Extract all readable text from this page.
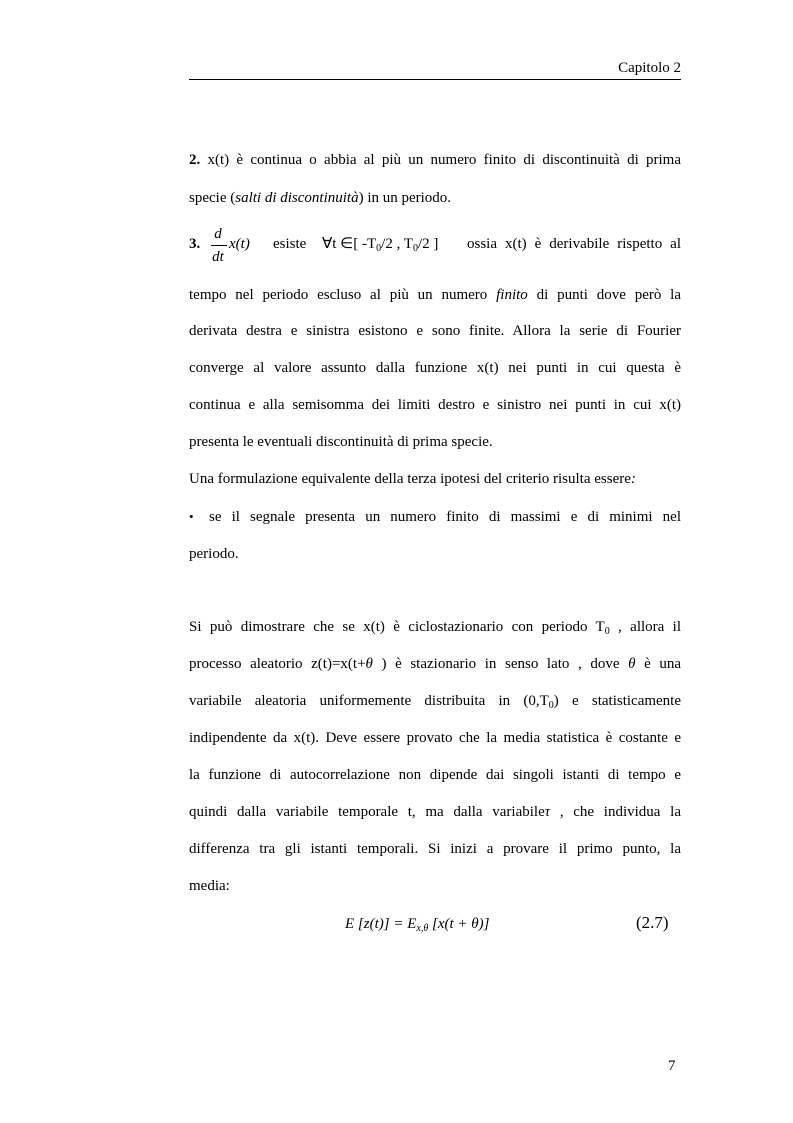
Capitolo 2

2. x(t) è continua o abbia al più un numero finito di discontinuità di prima

specie (salti di discontinuità) in un periodo.

3.
d
dt
x(t) esiste ∀t ∈[ $-T_0/2$ , $T_0/2$ ] ossia x(t) è derivabile rispetto al

tempo nel periodo escluso al più un numero finito di punti dove però la

derivata destra e sinistra esistono e sono finite. Allora la serie di Fourier

converge al valore assunto dalla funzione x(t) nei punti in cui questa è

continua e alla semisomma dei limiti destro e sinistro nei punti in cui x(t)

presenta le eventuali discontinuità di prima specie.

Una formulazione equivalente della terza ipotesi del criterio risulta essere:

• se il segnale presenta un numero finito di massimi e di minimi nel

periodo.

Si può dimostrare che se x(t) è ciclostazionario con periodo $T_0$ , allora il

processo aleatorio z(t)=x(t+θ ) è stazionario in senso lato , dove θ è una

variabile aleatoria uniformemente distribuita in $(0,T_0)$ e statisticamente

indipendente da x(t). Deve essere provato che la media statistica è costante e

la funzione di autocorrelazione non dipende dai singoli istanti di tempo e

quindi dalla variabile temporale t, ma dalla variabileτ , che individua la

differenza tra gli istanti temporali. Si inizi a provare il primo punto, la

media:

E $[z(t)] = E_{x,\theta}$ [x(t + θ)]	(2.7)
7
